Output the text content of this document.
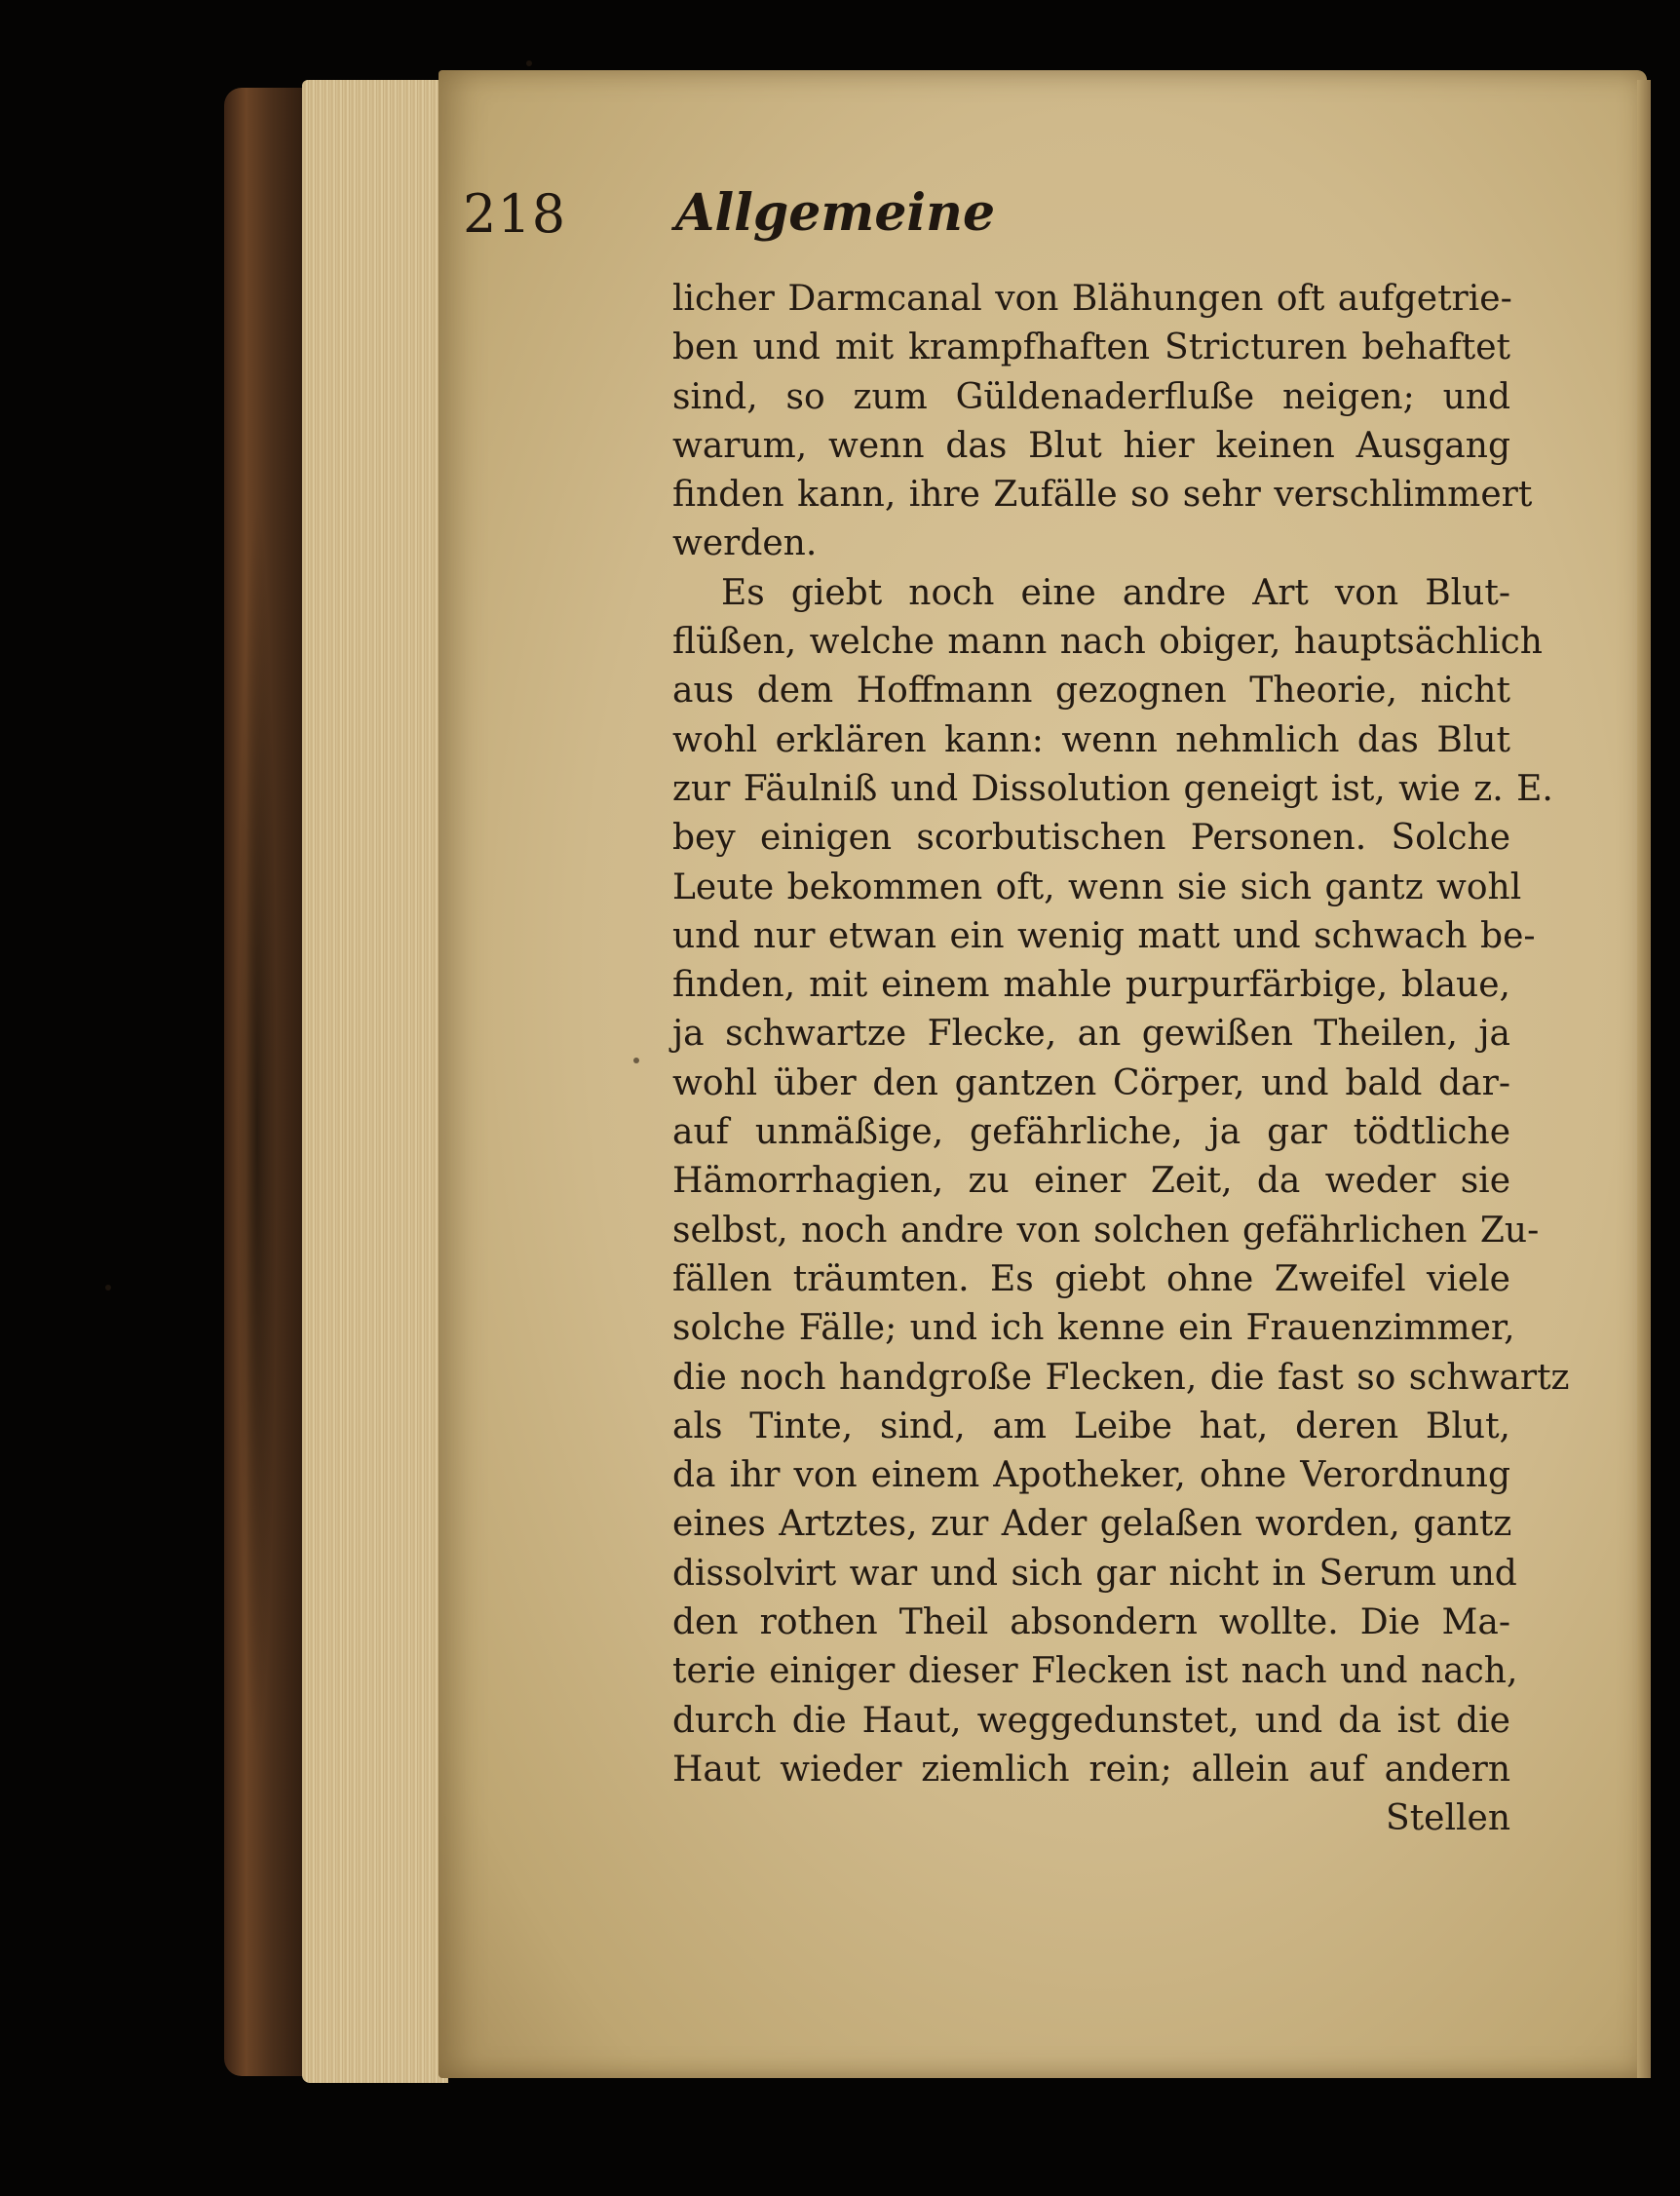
218 Allgemeine
licher Darmcanal von Blähungen oft aufgetrie-
ben und mit krampfhaften Stricturen behaftet
sind, so zum Güldenaderfluße neigen; und
warum, wenn das Blut hier keinen Ausgang
finden kann, ihre Zufälle so sehr verschlimmert
werden.
Es giebt noch eine andre Art von Blut-
flüßen, welche mann nach obiger, hauptsächlich
aus dem Hoffmann gezognen Theorie, nicht
wohl erklären kann: wenn nehmlich das Blut
zur Fäulniß und Dissolution geneigt ist, wie z. E.
bey einigen scorbutischen Personen. Solche
Leute bekommen oft, wenn sie sich gantz wohl
und nur etwan ein wenig matt und schwach be-
finden, mit einem mahle purpurfärbige, blaue,
ja schwartze Flecke, an gewißen Theilen, ja
wohl über den gantzen Cörper, und bald dar-
auf unmäßige, gefährliche, ja gar tödtliche
Hämorrhagien, zu einer Zeit, da weder sie
selbst, noch andre von solchen gefährlichen Zu-
fällen träumten. Es giebt ohne Zweifel viele
solche Fälle; und ich kenne ein Frauenzimmer,
die noch handgroße Flecken, die fast so schwartz
als Tinte, sind, am Leibe hat, deren Blut,
da ihr von einem Apotheker, ohne Verordnung
eines Artztes, zur Ader gelaßen worden, gantz
dissolvirt war und sich gar nicht in Serum und
den rothen Theil absondern wollte. Die Ma-
terie einiger dieser Flecken ist nach und nach,
durch die Haut, weggedunstet, und da ist die
Haut wieder ziemlich rein; allein auf andern
Stellen
